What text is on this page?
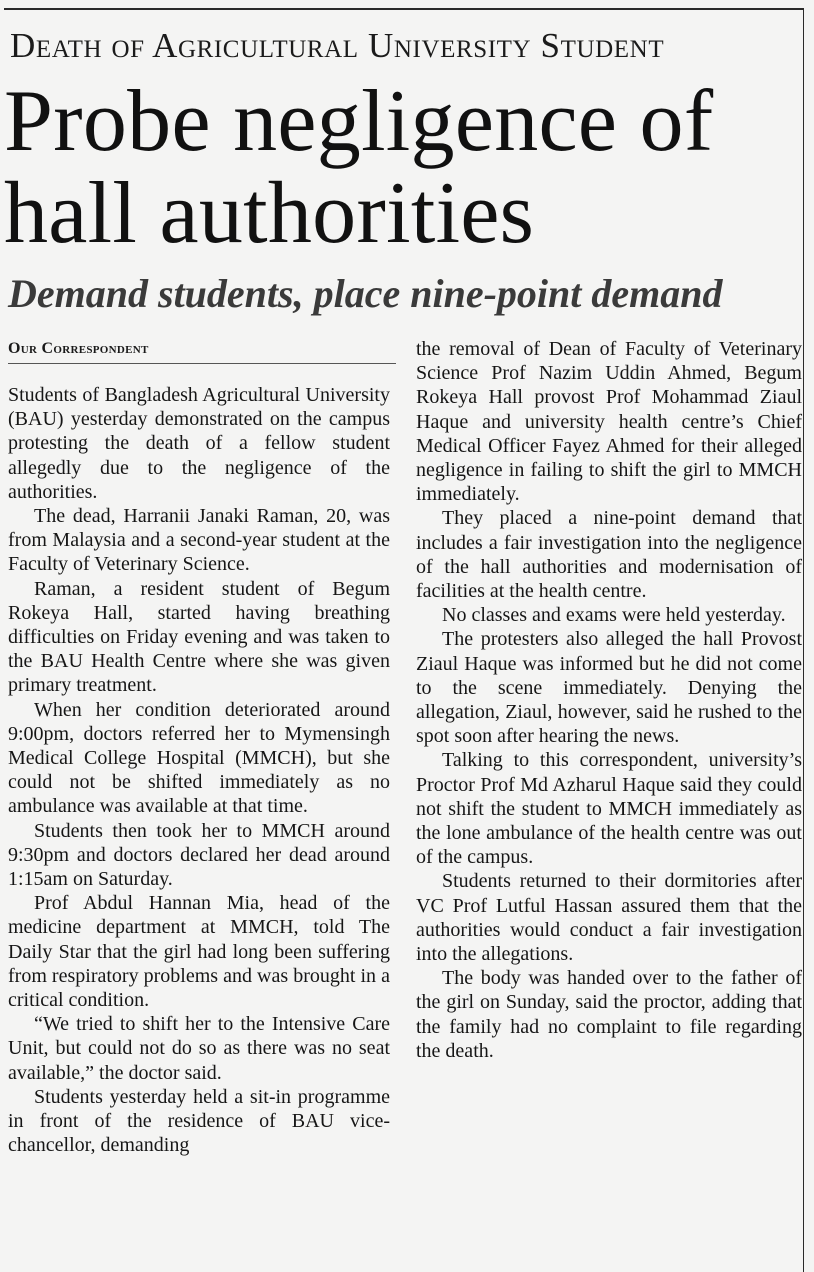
Death of Agricultural University Student
Probe negligence of
hall authorities
Demand students, place nine-point demand
Our Correspondent

Students of Bangladesh Agricultural University (BAU) yesterday demonstrated on the campus protesting the death of a fellow student allegedly due to the negligence of the authorities.

The dead, Harranii Janaki Raman, 20, was from Malaysia and a second-year student at the Faculty of Veterinary Science.

Raman, a resident student of Begum Rokeya Hall, started having breathing difficulties on Friday evening and was taken to the BAU Health Centre where she was given primary treatment.

When her condition deteriorated around 9:00pm, doctors referred her to Mymensingh Medical College Hospital (MMCH), but she could not be shifted immediately as no ambulance was available at that time.

Students then took her to MMCH around 9:30pm and doctors declared her dead around 1:15am on Saturday.

Prof Abdul Hannan Mia, head of the medicine department at MMCH, told The Daily Star that the girl had long been suffering from respiratory problems and was brought in a critical condition.

“We tried to shift her to the Intensive Care Unit, but could not do so as there was no seat available,” the doctor said.

Students yesterday held a sit-in programme in front of the residence of BAU vice-chancellor, demanding

the removal of Dean of Faculty of Veterinary Science Prof Nazim Uddin Ahmed, Begum Rokeya Hall provost Prof Mohammad Ziaul Haque and university health centre’s Chief Medical Officer Fayez Ahmed for their alleged negligence in failing to shift the girl to MMCH immediately.

They placed a nine-point demand that includes a fair investigation into the negligence of the hall authorities and modernisation of facilities at the health centre.

No classes and exams were held yesterday.

The protesters also alleged the hall Provost Ziaul Haque was informed but he did not come to the scene immediately. Denying the allegation, Ziaul, however, said he rushed to the spot soon after hearing the news.

Talking to this correspondent, university’s Proctor Prof Md Azharul Haque said they could not shift the student to MMCH immediately as the lone ambulance of the health centre was out of the campus.

Students returned to their dormitories after VC Prof Lutful Hassan assured them that the authorities would conduct a fair investigation into the allegations.

The body was handed over to the father of the girl on Sunday, said the proctor, adding that the family had no complaint to file regarding the death.
